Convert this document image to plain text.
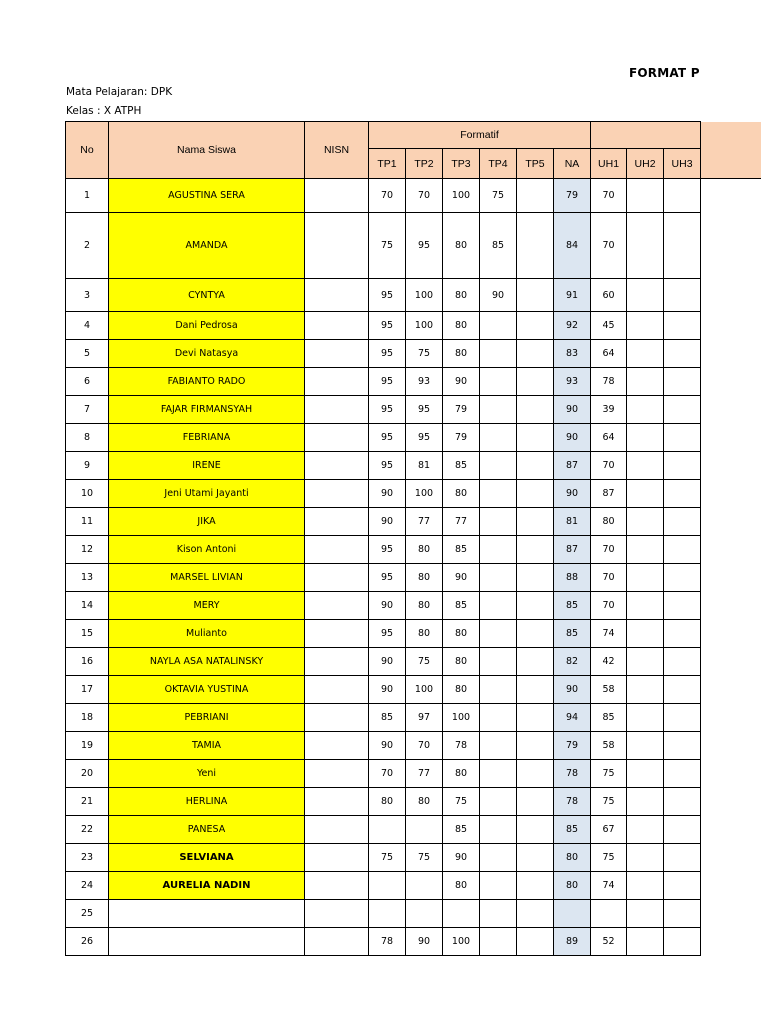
FORMAT P
Mata Pelajaran: DPK
Kelas : X ATPH
No	Nama Siswa	NISN	Formatif									
			TP1	TP2	TP3	TP4	TP5	NA	UH1	UH2	UH3	
1	AGUSTINA SERA		70	70	100	75		79	70			
2	AMANDA		75	95	80	85		84	70			
3	CYNTYA		95	100	80	90		91	60			
4	Dani Pedrosa		95	100	80			92	45			
5	Devi Natasya		95	75	80			83	64			
6	FABIANTO RADO		95	93	90			93	78			
7	FAJAR FIRMANSYAH		95	95	79			90	39			
8	FEBRIANA		95	95	79			90	64			
9	IRENE		95	81	85			87	70			
10	Jeni Utami Jayanti		90	100	80			90	87			
11	JIKA		90	77	77			81	80			
12	Kison Antoni		95	80	85			87	70			
13	MARSEL LIVIAN		95	80	90			88	70			
14	MERY		90	80	85			85	70			
15	Mulianto		95	80	80			85	74			
16	NAYLA ASA NATALINSKY		90	75	80			82	42			
17	OKTAVIA YUSTINA		90	100	80			90	58			
18	PEBRIANI		85	97	100			94	85			
19	TAMIA		90	70	78			79	58			
20	Yeni		70	77	80			78	75			
21	HERLINA		80	80	75			78	75			
22	PANESA				85			85	67			
23	SELVIANA		75	75	90			80	75			
24	AURELIA NADIN				80			80	74			
25												
26			78	90	100			89	52			
